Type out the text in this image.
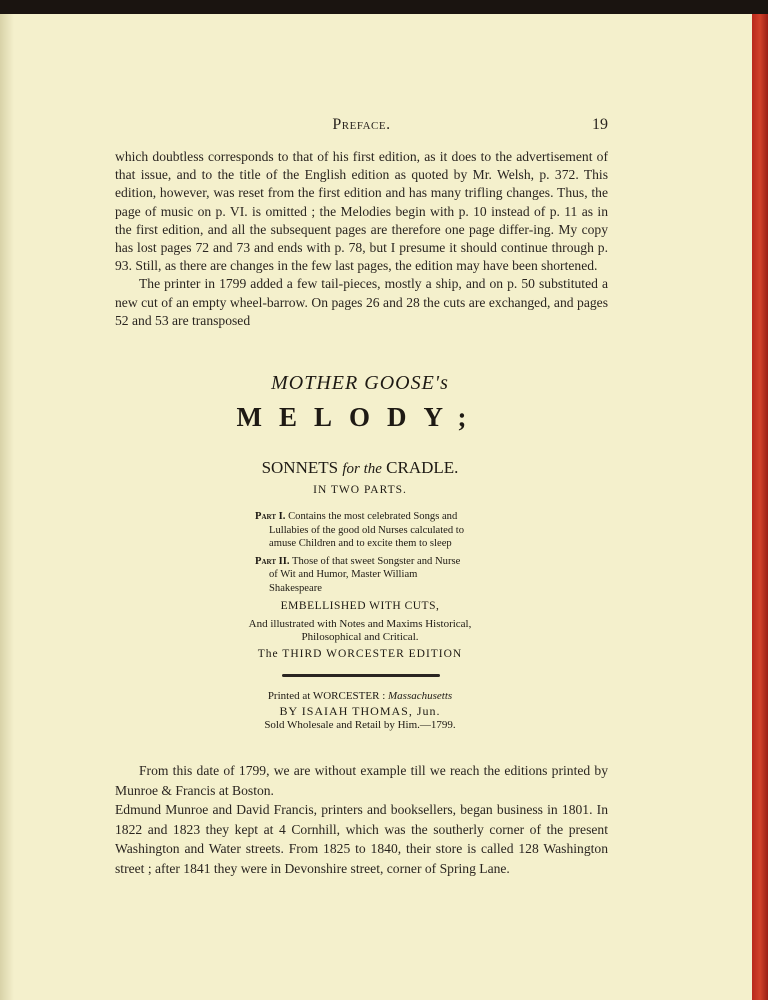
Preface.	19

which doubtless corresponds to that of his first edition, as it does to the advertisement of that issue, and to the title of the English edition as quoted by Mr. Welsh, p. 372. This edition, however, was reset from the first edition and has many trifling changes. Thus, the page of music on p. VI. is omitted ; the Melodies begin with p. 10 instead of p. 11 as in the first edition, and all the subsequent pages are therefore one page differ-ing. My copy has lost pages 72 and 73 and ends with p. 78, but I presume it should continue through p. 93. Still, as there are changes in the few last pages, the edition may have been shortened.

The printer in 1799 added a few tail-pieces, mostly a ship, and on p. 50 substituted a new cut of an empty wheel-barrow. On pages 26 and 28 the cuts are exchanged, and pages 52 and 53 are transposed

MOTHER GOOSE's
MELODY;
SONNETS for the CRADLE.
IN TWO PARTS.

Part I. Contains the most celebrated Songs and Lullabies of the good old Nurses calculated to amuse Children and to excite them to sleep

Part II. Those of that sweet Songster and Nurse of Wit and Humor, Master William Shakespeare

EMBELLISHED WITH CUTS,
And illustrated with Notes and Maxims Historical, Philosophical and Critical.
The THIRD WORCESTER EDITION
Printed at WORCESTER : Massachusetts
BY ISAIAH THOMAS, Jun.
Sold Wholesale and Retail by Him.—1799.

From this date of 1799, we are without example till we reach the editions printed by Munroe & Francis at Boston.

Edmund Munroe and David Francis, printers and booksellers, began business in 1801. In 1822 and 1823 they kept at 4 Cornhill, which was the southerly corner of the present Washington and Water streets. From 1825 to 1840, their store is called 128 Washington street ; after 1841 they were in Devonshire street, corner of Spring Lane.
